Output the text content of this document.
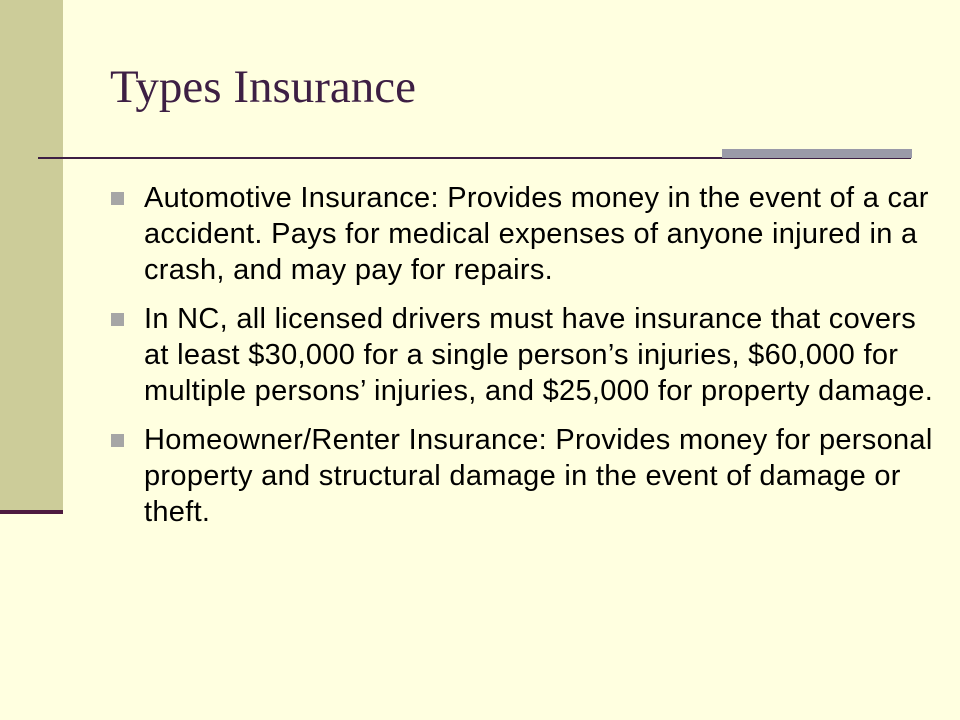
Types Insurance
Automotive Insurance: Provides money in the event of a car accident. Pays for medical expenses of anyone injured in a crash, and may pay for repairs.
In NC, all licensed drivers must have insurance that covers at least $30,000 for a single person’s injuries, $60,000 for multiple persons’ injuries, and $25,000 for property damage.
Homeowner/Renter Insurance: Provides money for personal property and structural damage in the event of damage or theft.
